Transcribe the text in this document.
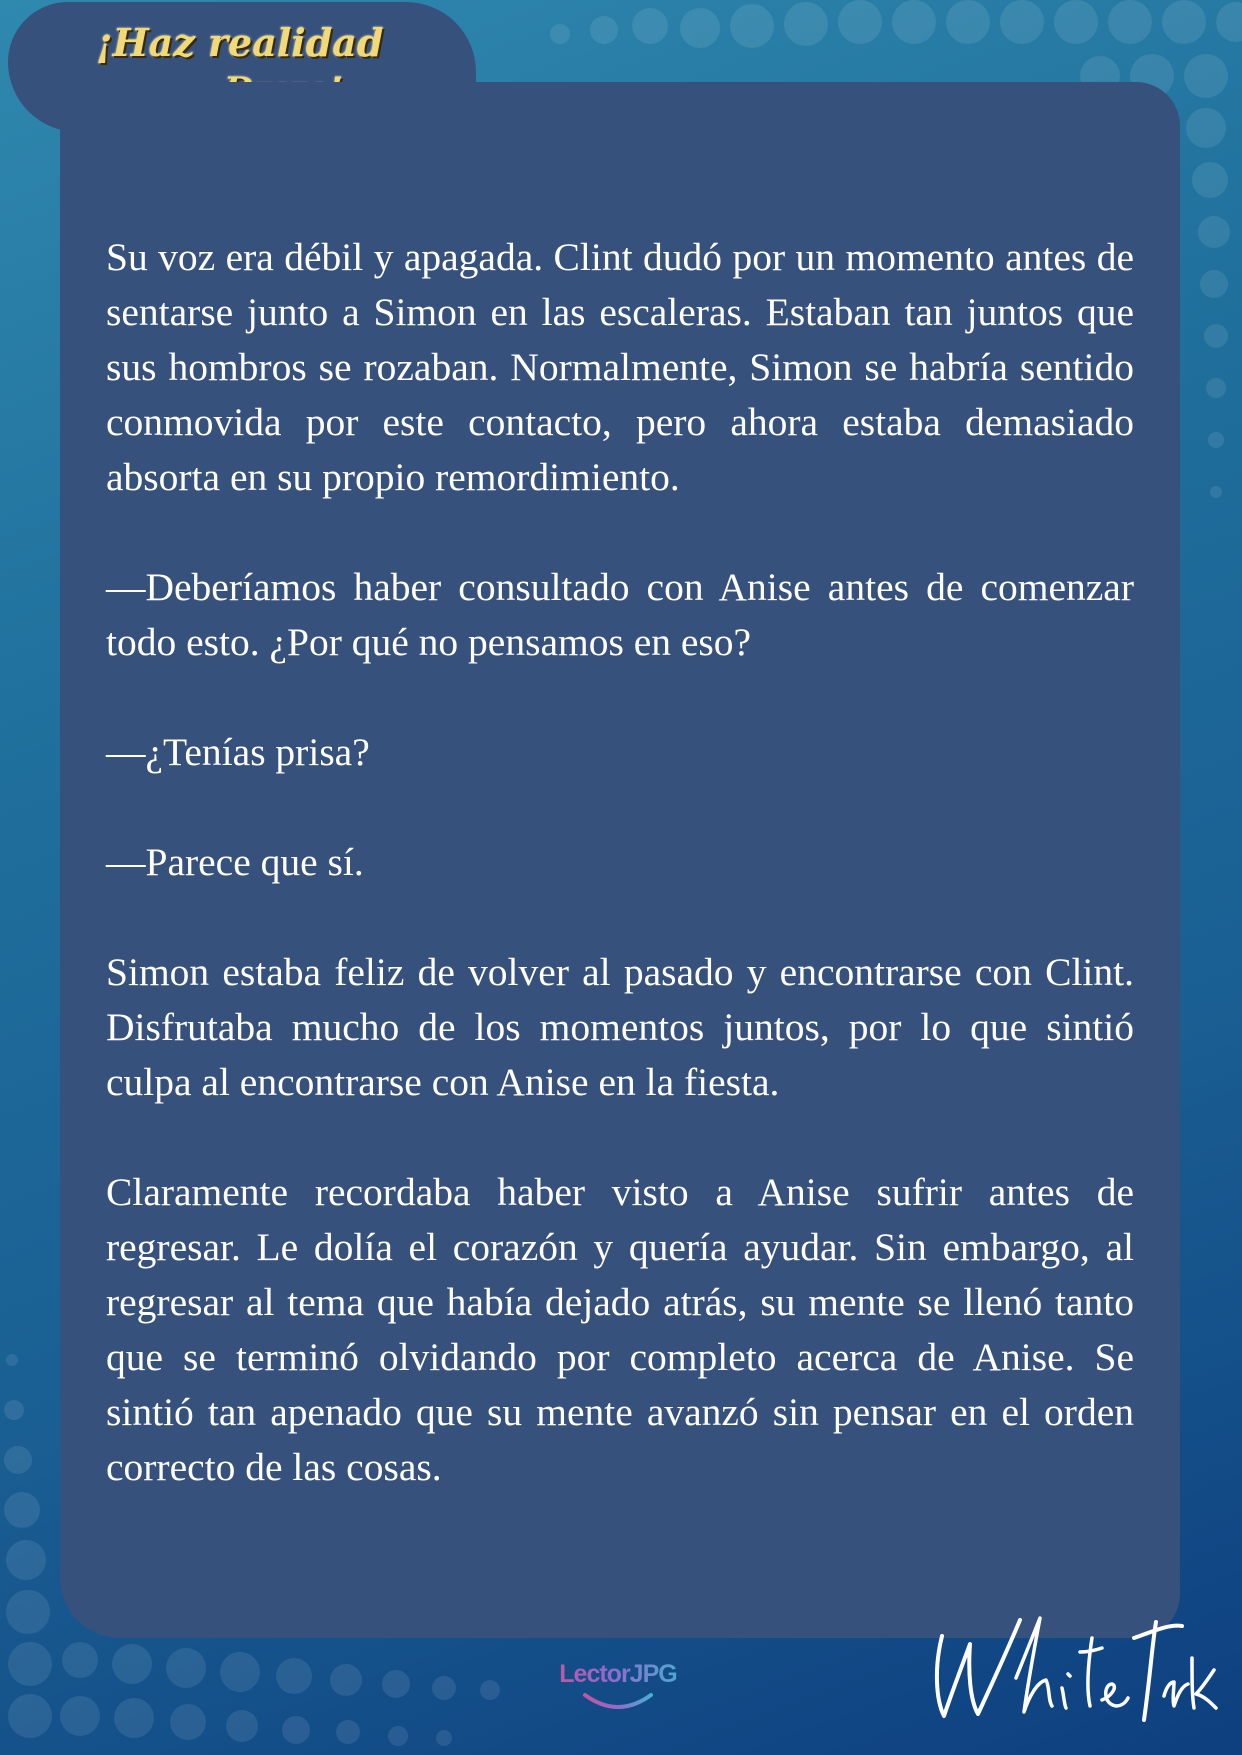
¡Haz realidad

Su voz era débil y apagada. Clint dudó por un momento antes de sentarse junto a Simon en las escaleras. Estaban tan juntos que sus hombros se rozaban. Normalmente, Simon se habría sentido conmovida por este contacto, pero ahora estaba demasiado absorta en su propio remordimiento.

—Deberíamos haber consultado con Anise antes de comenzar todo esto. ¿Por qué no pensamos en eso?

—¿Tenías prisa?

—Parece que sí.

Simon estaba feliz de volver al pasado y encontrarse con Clint. Disfrutaba mucho de los momentos juntos, por lo que sintió culpa al encontrarse con Anise en la fiesta.

Claramente recordaba haber visto a Anise sufrir antes de regresar. Le dolía el corazón y quería ayudar. Sin embargo, al regresar al tema que había dejado atrás, su mente se llenó tanto que se terminó olvidando por completo acerca de Anise. Se sintió tan apenado que su mente avanzó sin pensar en el orden correcto de las cosas.

LectorJPG
